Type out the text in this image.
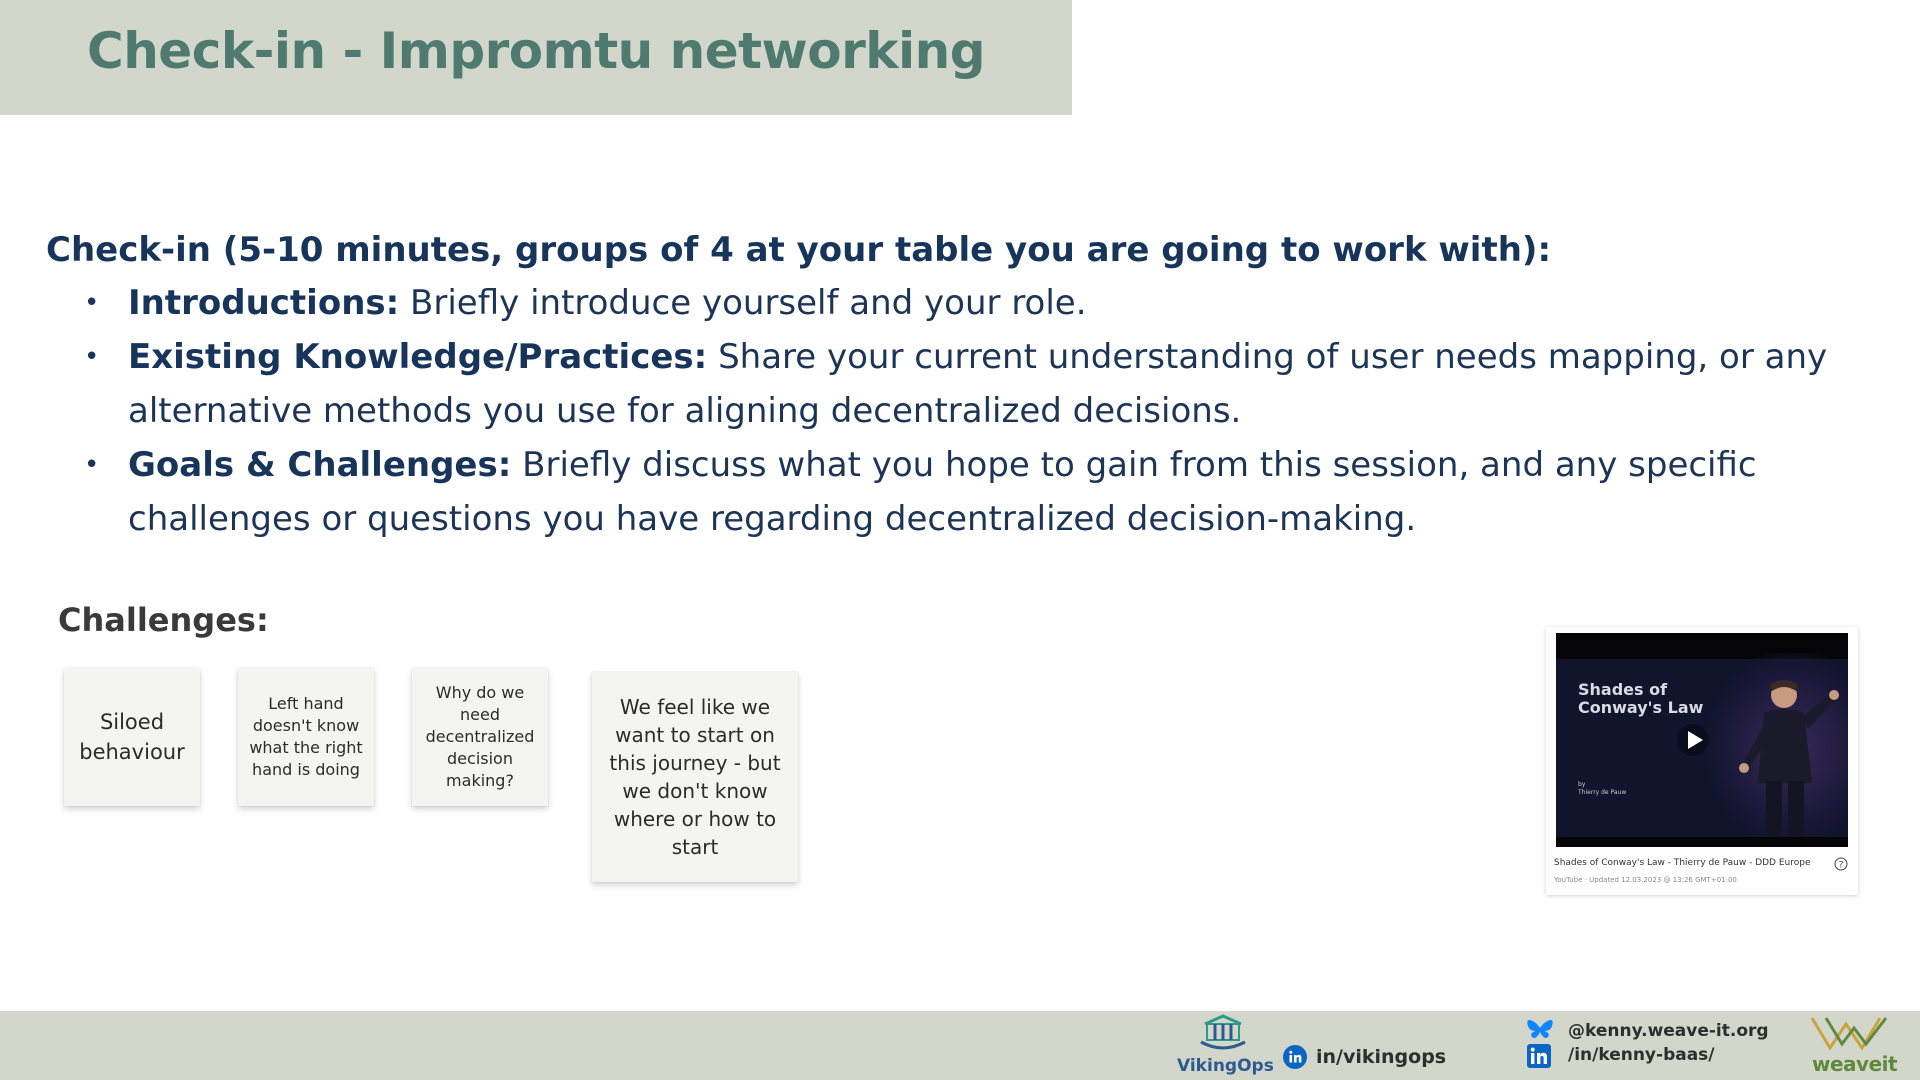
Check-in - Impromtu networking
Check-in (5-10 minutes, groups of 4 at your table you are going to work with):
• Introductions: Briefly introduce yourself and your role.
• Existing Knowledge/Practices: Share your current understanding of user needs mapping, or any alternative methods you use for aligning decentralized decisions.
• Goals & Challenges: Briefly discuss what you hope to gain from this session, and any specific challenges or questions you have regarding decentralized decision-making.
Challenges:
Siloed behaviour
Left hand doesn't know what the right hand is doing
Why do we need decentralized decision making?
We feel like we want to start on this journey - but we don't know where or how to start
Shades of Conway's Law
by
Thierry de Pauw
Shades of Conway's Law - Thierry de Pauw - DDD Europe
YouTube · Updated 12.03.2023 @ 13:26 GMT+01:00
?
VikingOps in/vikingops
@kenny.weave-it.org
/in/kenny-baas/	weaveit
